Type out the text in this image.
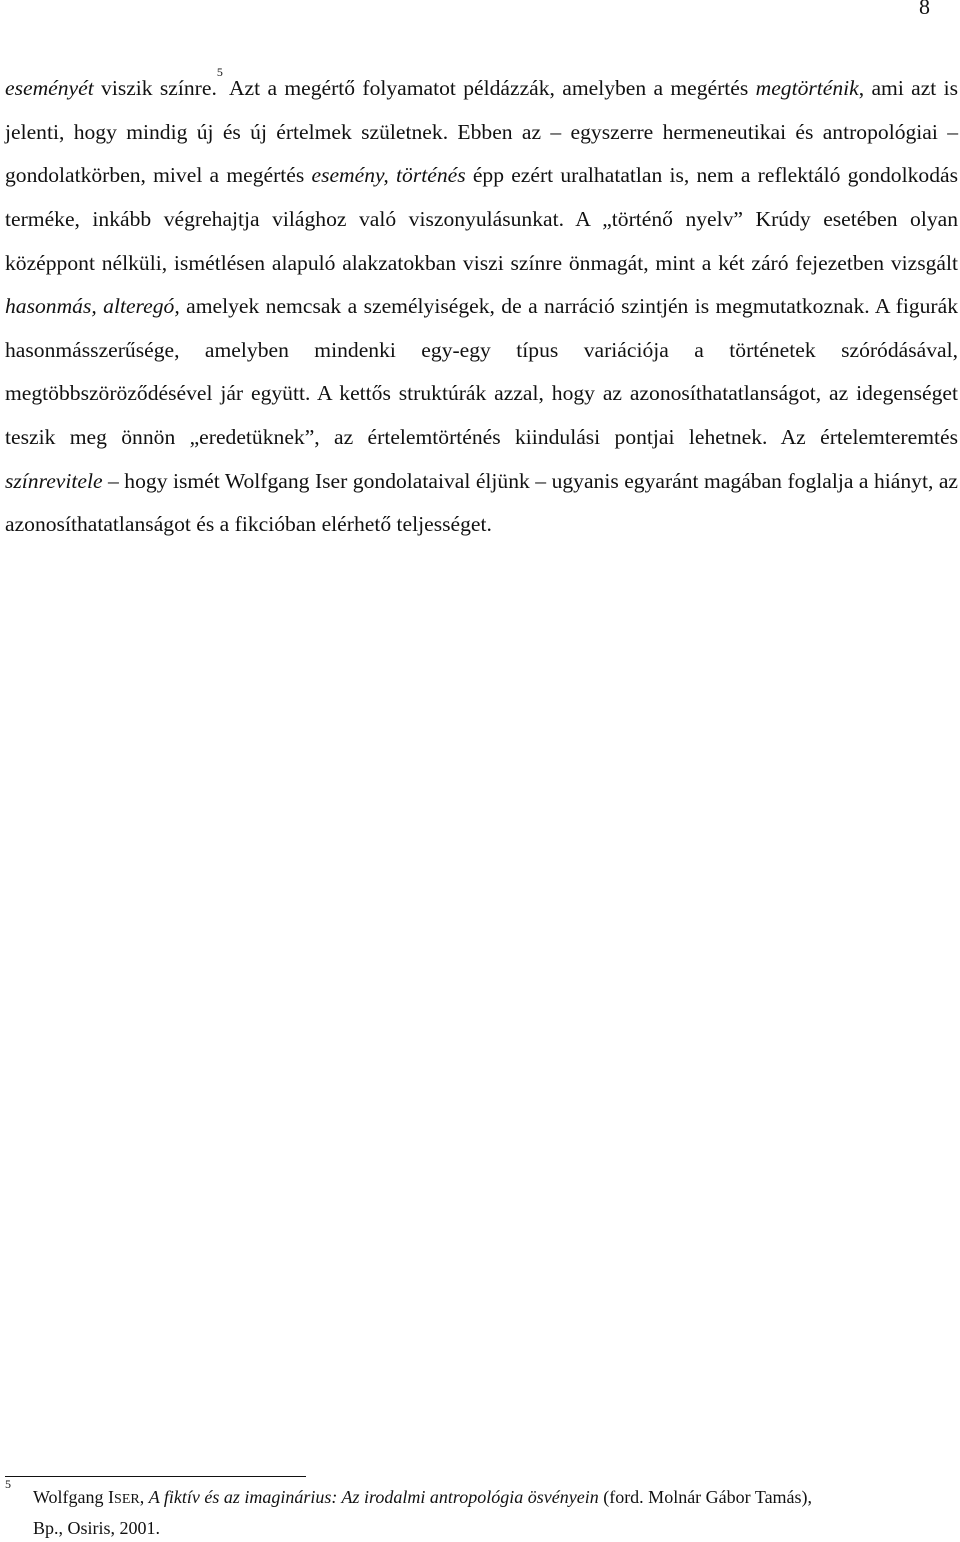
8

eseményét viszik színre.$^5$ Azt a megértő folyamatot példázzák, amelyben a megértés megtörténik, ami azt is jelenti, hogy mindig új és új értelmek születnek. Ebben az – egyszerre hermeneutikai és antropológiai – gondolatkörben, mivel a megértés esemény, történés épp ezért uralhatatlan is, nem a reflektáló gondolkodás terméke, inkább végrehajtja világhoz való viszonyulásunkat. A „történő nyelv” Krúdy esetében olyan középpont nélküli, ismétlésen alapuló alakzatokban viszi színre önmagát, mint a két záró fejezetben vizsgált hasonmás, alteregó, amelyek nemcsak a személyiségek, de a narráció szintjén is megmutatkoznak. A figurák hasonmásszerűsége, amelyben mindenki egy-egy típus variációja a történetek szóródásával, megtöbbszöröződésével jár együtt. A kettős struktúrák azzal, hogy az azonosíthatatlanságot, az idegenséget teszik meg önnön „eredetüknek”, az értelemtörténés kiindulási pontjai lehetnek. Az értelemteremtés színrevitele – hogy ismét Wolfgang Iser gondolataival éljünk – ugyanis egyaránt magában foglalja a hiányt, az azonosíthatatlanságot és a fikcióban elérhető teljességet.

$^5$Wolfgang ISER, A fiktív és az imaginárius: Az irodalmi antropológia ösvényein (ford. Molnár Gábor Tamás),
Bp., Osiris, 2001.
